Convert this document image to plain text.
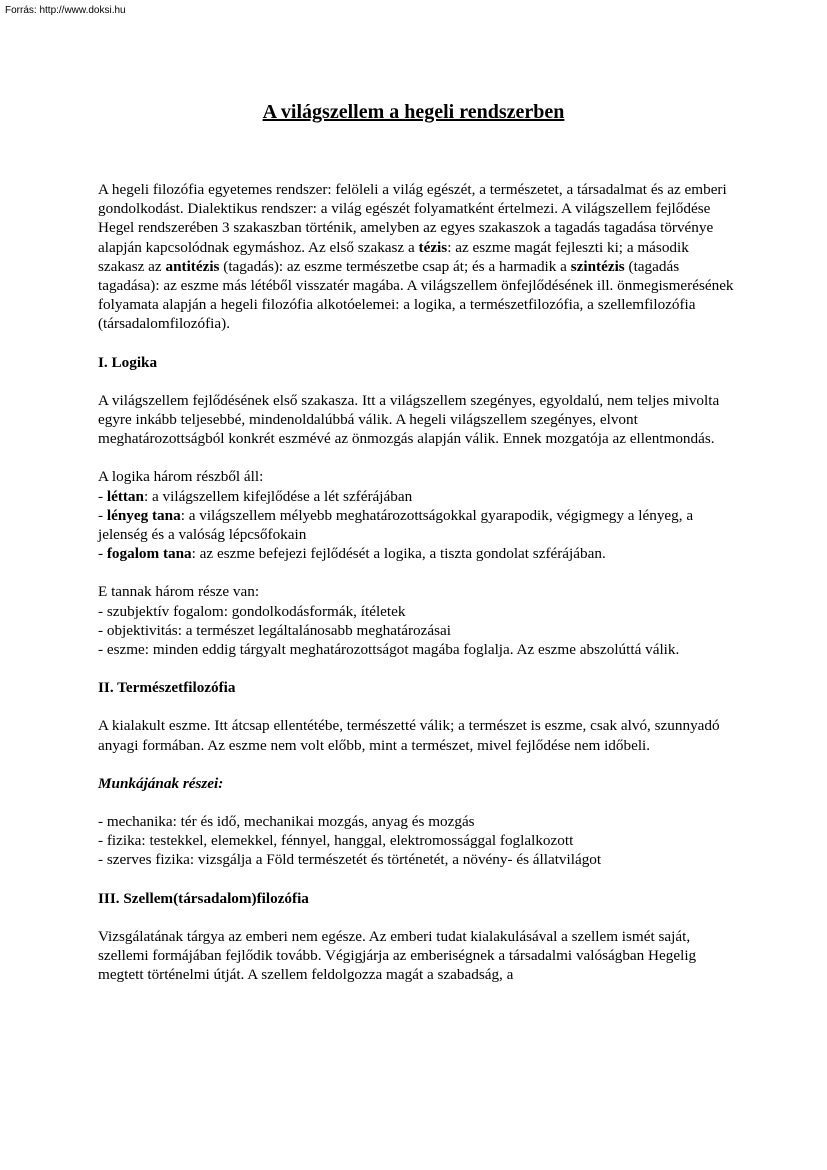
Forrás: http://www.doksi.hu
A világszellem a hegeli rendszerben

A hegeli filozófia egyetemes rendszer: felöleli a világ egészét, a természetet, a társadalmat és az emberi gondolkodást. Dialektikus rendszer: a világ egészét folyamatként értelmezi. A világszellem fejlődése Hegel rendszerében 3 szakaszban történik, amelyben az egyes szakaszok a tagadás tagadása törvénye alapján kapcsolódnak egymáshoz. Az első szakasz a tézis: az eszme magát fejleszti ki; a második szakasz az antitézis (tagadás): az eszme természetbe csap át; és a harmadik a szintézis (tagadás tagadása): az eszme más létéből visszatér magába. A világszellem önfejlődésének ill. önmegismerésének folyamata alapján a hegeli filozófia alkotóelemei: a logika, a természetfilozófia, a szellemfilozófia (társadalomfilozófia).

I. Logika

A világszellem fejlődésének első szakasza. Itt a világszellem szegényes, egyoldalú, nem teljes mivolta egyre inkább teljesebbé, mindenoldalúbbá válik. A hegeli világszellem szegényes, elvont meghatározottságból konkrét eszmévé az önmozgás alapján válik. Ennek mozgatója az ellentmondás.

A logika három részből áll:
- léttan: a világszellem kifejlődése a lét szférájában
- lényeg tana: a világszellem mélyebb meghatározottságokkal gyarapodik, végigmegy a lényeg, a jelenség és a valóság lépcsőfokain
- fogalom tana: az eszme befejezi fejlődését a logika, a tiszta gondolat szférájában.
E tannak három része van:
- szubjektív fogalom: gondolkodásformák, ítéletek
- objektivitás: a természet legáltalánosabb meghatározásai
- eszme: minden eddig tárgyalt meghatározottságot magába foglalja. Az eszme abszolúttá válik.
II. Természetfilozófia

A kialakult eszme. Itt átcsap ellentétébe, természetté válik; a természet is eszme, csak alvó, szunnyadó anyagi formában. Az eszme nem volt előbb, mint a természet, mivel fejlődése nem időbeli.

Munkájának részei:
- mechanika: tér és idő, mechanikai mozgás, anyag és mozgás
- fizika: testekkel, elemekkel, fénnyel, hanggal, elektromossággal foglalkozott
- szerves fizika: vizsgálja a Föld természetét és történetét, a növény- és állatvilágot
III. Szellem(társadalom)filozófia

Vizsgálatának tárgya az emberi nem egésze. Az emberi tudat kialakulásával a szellem ismét saját, szellemi formájában fejlődik tovább. Végigjárja az emberiségnek a társadalmi valóságban Hegelig megtett történelmi útját. A szellem feldolgozza magát a szabadság, a
